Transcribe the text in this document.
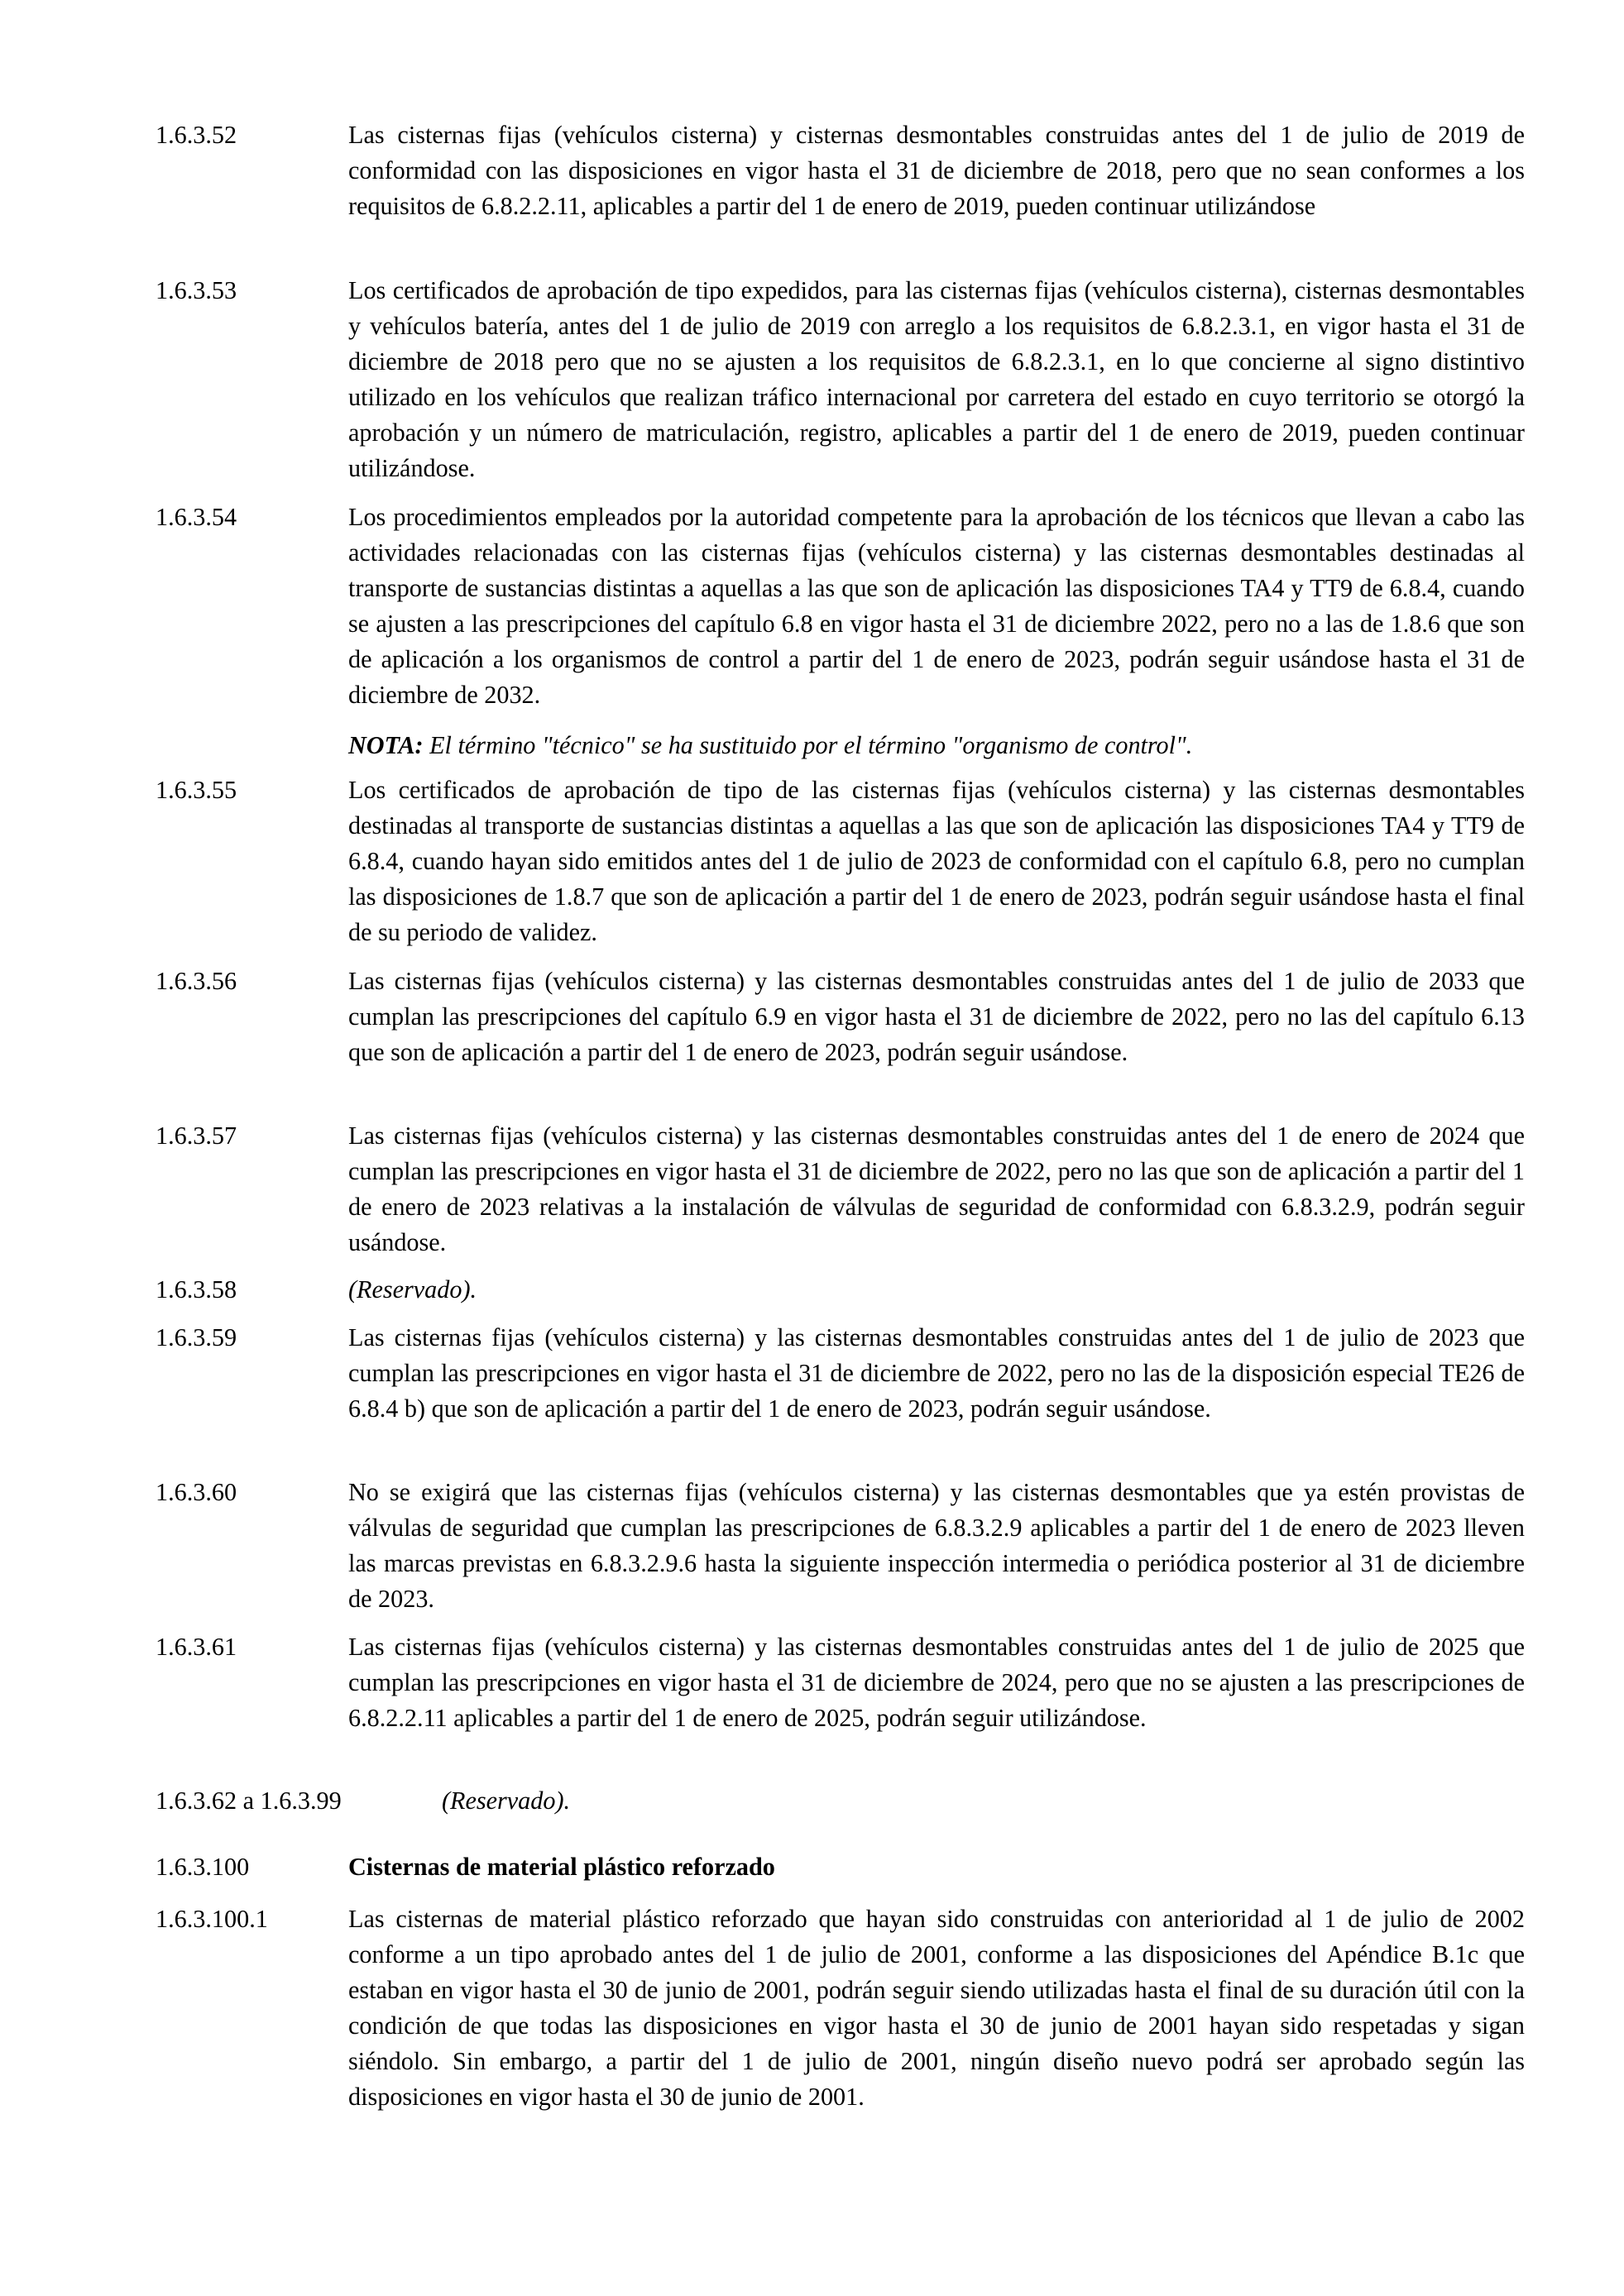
1.6.3.52	Las cisternas fijas (vehículos cisterna) y cisternas desmontables construidas antes del 1 de julio de 2019 de conformidad con las disposiciones en vigor hasta el 31 de diciembre de 2018, pero que no sean conformes a los requisitos de 6.8.2.2.11, aplicables a partir del 1 de enero de 2019, pueden continuar utilizándose
1.6.3.53	Los certificados de aprobación de tipo expedidos, para las cisternas fijas (vehículos cisterna), cisternas desmontables y vehículos batería, antes del 1 de julio de 2019 con arreglo a los requisitos de 6.8.2.3.1, en vigor hasta el 31 de diciembre de 2018 pero que no se ajusten a los requisitos de 6.8.2.3.1, en lo que concierne al signo distintivo utilizado en los vehículos que realizan tráfico internacional por carretera del estado en cuyo territorio se otorgó la aprobación y un número de matriculación, registro, aplicables a partir del 1 de enero de 2019, pueden continuar utilizándose.
1.6.3.54	Los procedimientos empleados por la autoridad competente para la aprobación de los técnicos que llevan a cabo las actividades relacionadas con las cisternas fijas (vehículos cisterna) y las cisternas desmontables destinadas al transporte de sustancias distintas a aquellas a las que son de aplicación las disposiciones TA4 y TT9 de 6.8.4, cuando se ajusten a las prescripciones del capítulo 6.8 en vigor hasta el 31 de diciembre 2022, pero no a las de 1.8.6 que son de aplicación a los organismos de control a partir del 1 de enero de 2023, podrán seguir usándose hasta el 31 de diciembre de 2032.
NOTA: El término "técnico" se ha sustituido por el término "organismo de control".
1.6.3.55	Los certificados de aprobación de tipo de las cisternas fijas (vehículos cisterna) y las cisternas desmontables destinadas al transporte de sustancias distintas a aquellas a las que son de aplicación las disposiciones TA4 y TT9 de 6.8.4, cuando hayan sido emitidos antes del 1 de julio de 2023 de conformidad con el capítulo 6.8, pero no cumplan las disposiciones de 1.8.7 que son de aplicación a partir del 1 de enero de 2023, podrán seguir usándose hasta el final de su periodo de validez.
1.6.3.56	Las cisternas fijas (vehículos cisterna) y las cisternas desmontables construidas antes del 1 de julio de 2033 que cumplan las prescripciones del capítulo 6.9 en vigor hasta el 31 de diciembre de 2022, pero no las del capítulo 6.13 que son de aplicación a partir del 1 de enero de 2023, podrán seguir usándose.
1.6.3.57	Las cisternas fijas (vehículos cisterna) y las cisternas desmontables construidas antes del 1 de enero de 2024 que cumplan las prescripciones en vigor hasta el 31 de diciembre de 2022, pero no las que son de aplicación a partir del 1 de enero de 2023 relativas a la instalación de válvulas de seguridad de conformidad con 6.8.3.2.9, podrán seguir usándose.
1.6.3.58	(Reservado).
1.6.3.59	Las cisternas fijas (vehículos cisterna) y las cisternas desmontables construidas antes del 1 de julio de 2023 que cumplan las prescripciones en vigor hasta el 31 de diciembre de 2022, pero no las de la disposición especial TE26 de 6.8.4 b) que son de aplicación a partir del 1 de enero de 2023, podrán seguir usándose.
1.6.3.60	No se exigirá que las cisternas fijas (vehículos cisterna) y las cisternas desmontables que ya estén provistas de válvulas de seguridad que cumplan las prescripciones de 6.8.3.2.9 aplicables a partir del 1 de enero de 2023 lleven las marcas previstas en 6.8.3.2.9.6 hasta la siguiente inspección intermedia o periódica posterior al 31 de diciembre de 2023.
1.6.3.61	Las cisternas fijas (vehículos cisterna) y las cisternas desmontables construidas antes del 1 de julio de 2025 que cumplan las prescripciones en vigor hasta el 31 de diciembre de 2024, pero que no se ajusten a las prescripciones de 6.8.2.2.11 aplicables a partir del 1 de enero de 2025, podrán seguir utilizándose.
1.6.3.62 a 1.6.3.99	(Reservado).
1.6.3.100	Cisternas de material plástico reforzado
1.6.3.100.1	Las cisternas de material plástico reforzado que hayan sido construidas con anterioridad al 1 de julio de 2002 conforme a un tipo aprobado antes del 1 de julio de 2001, conforme a las disposiciones del Apéndice B.1c que estaban en vigor hasta el 30 de junio de 2001, podrán seguir siendo utilizadas hasta el final de su duración útil con la condición de que todas las disposiciones en vigor hasta el 30 de junio de 2001 hayan sido respetadas y sigan siéndolo. Sin embargo, a partir del 1 de julio de 2001, ningún diseño nuevo podrá ser aprobado según las disposiciones en vigor hasta el 30 de junio de 2001.
